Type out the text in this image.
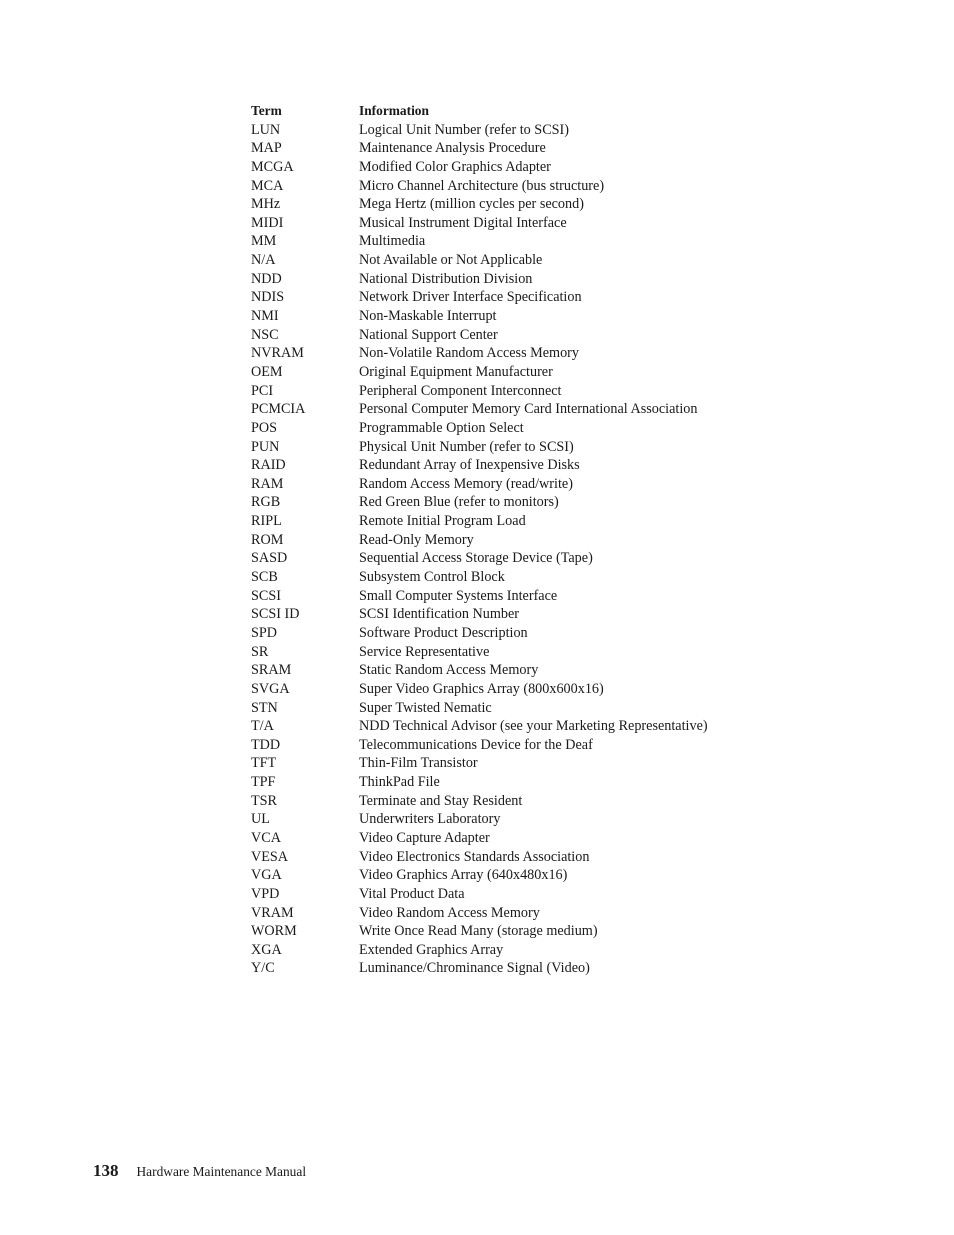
Term	Information
LUN	Logical Unit Number (refer to SCSI)
MAP	Maintenance Analysis Procedure
MCGA	Modified Color Graphics Adapter
MCA	Micro Channel Architecture (bus structure)
MHz	Mega Hertz (million cycles per second)
MIDI	Musical Instrument Digital Interface
MM	Multimedia
N/A	Not Available or Not Applicable
NDD	National Distribution Division
NDIS	Network Driver Interface Specification
NMI	Non-Maskable Interrupt
NSC	National Support Center
NVRAM	Non-Volatile Random Access Memory
OEM	Original Equipment Manufacturer
PCI	Peripheral Component Interconnect
PCMCIA	Personal Computer Memory Card International Association
POS	Programmable Option Select
PUN	Physical Unit Number (refer to SCSI)
RAID	Redundant Array of Inexpensive Disks
RAM	Random Access Memory (read/write)
RGB	Red Green Blue (refer to monitors)
RIPL	Remote Initial Program Load
ROM	Read-Only Memory
SASD	Sequential Access Storage Device (Tape)
SCB	Subsystem Control Block
SCSI	Small Computer Systems Interface
SCSI ID	SCSI Identification Number
SPD	Software Product Description
SR	Service Representative
SRAM	Static Random Access Memory
SVGA	Super Video Graphics Array (800x600x16)
STN	Super Twisted Nematic
T/A	NDD Technical Advisor (see your Marketing Representative)
TDD	Telecommunications Device for the Deaf
TFT	Thin-Film Transistor
TPF	ThinkPad File
TSR	Terminate and Stay Resident
UL	Underwriters Laboratory
VCA	Video Capture Adapter
VESA	Video Electronics Standards Association
VGA	Video Graphics Array (640x480x16)
VPD	Vital Product Data
VRAM	Video Random Access Memory
WORM	Write Once Read Many (storage medium)
XGA	Extended Graphics Array
Y/C	Luminance/Chrominance Signal (Video)
138 Hardware Maintenance Manual
